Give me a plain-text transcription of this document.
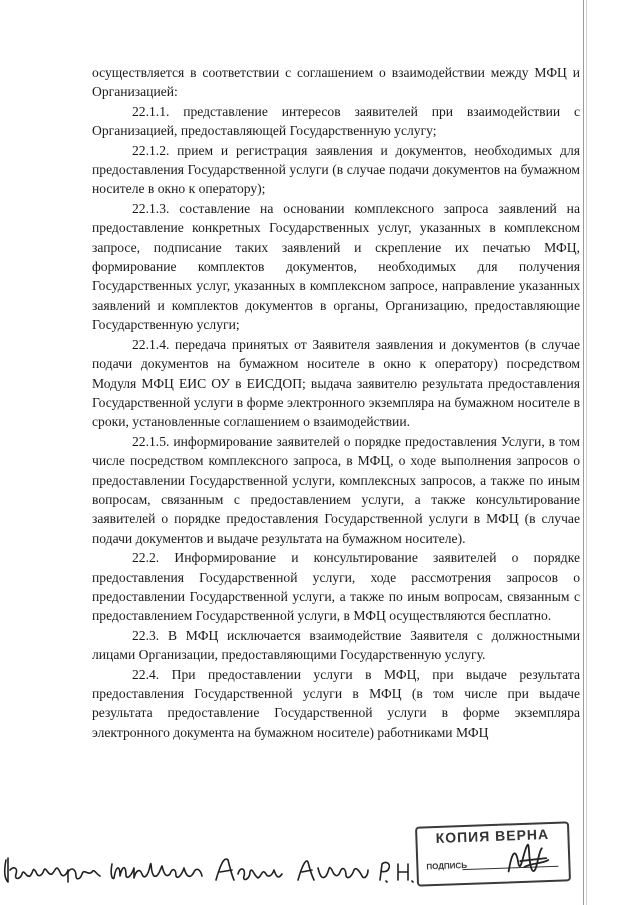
осуществляется в соответствии с соглашением о взаимодействии между МФЦ и Организацией:

22.1.1. представление интересов заявителей при взаимодействии с Организацией, предоставляющей Государственную услугу;

22.1.2. прием и регистрация заявления и документов, необходимых для предоставления Государственной услуги (в случае подачи документов на бумажном носителе в окно к оператору);

22.1.3. составление на основании комплексного запроса заявлений на предоставление конкретных Государственных услуг, указанных в комплексном запросе, подписание таких заявлений и скрепление их печатью МФЦ, формирование комплектов документов, необходимых для получения Государственных услуг, указанных в комплексном запросе, направление указанных заявлений и комплектов документов в органы, Организацию, предоставляющие Государственную услуги;

22.1.4. передача принятых от Заявителя заявления и документов (в случае подачи документов на бумажном носителе в окно к оператору) посредством Модуля МФЦ ЕИС ОУ в ЕИСДОП; выдача заявителю результата предоставления Государственной услуги в форме электронного экземпляра на бумажном носителе в сроки, установленные соглашением о взаимодействии.

22.1.5. информирование заявителей о порядке предоставления Услуги, в том числе посредством комплексного запроса, в МФЦ, о ходе выполнения запросов о предоставлении Государственной услуги, комплексных запросов, а также по иным вопросам, связанным с предоставлением услуги, а также консультирование заявителей о порядке предоставления Государственной услуги в МФЦ (в случае подачи документов и выдаче результата на бумажном носителе).

22.2. Информирование и консультирование заявителей о порядке предоставления Государственной услуги, ходе рассмотрения запросов о предоставлении Государственной услуги, а также по иным вопросам, связанным с предоставлением Государственной услуги, в МФЦ осуществляются бесплатно.

22.3. В МФЦ исключается взаимодействие Заявителя с должностными лицами Организации, предоставляющими Государственную услугу.

22.4. При предоставлении услуги в МФЦ, при выдаче результата предоставления Государственной услуги в МФЦ (в том числе при выдаче результата предоставление Государственной услуги в форме экземпляра электронного документа на бумажном носителе) работниками МФЦ

КОПИЯ ВЕРНА
ПОДПИСЬ
